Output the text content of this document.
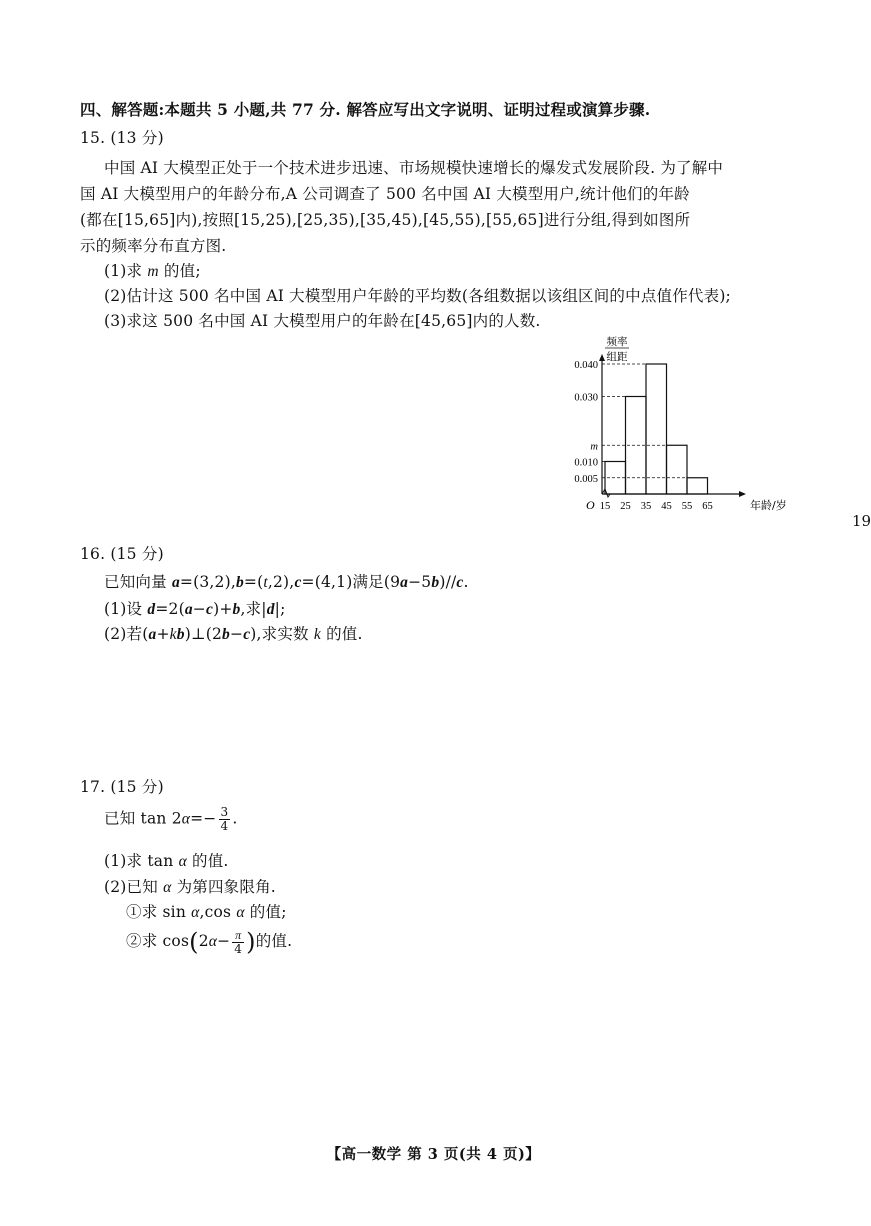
四、解答题:本题共 5 小题,共 77 分. 解答应写出文字说明、证明过程或演算步骤.
15. (13 分)
中国 AI 大模型正处于一个技术进步迅速、市场规模快速增长的爆发式发展阶段. 为了解中
国 AI 大模型用户的年龄分布,A 公司调查了 500 名中国 AI 大模型用户,统计他们的年龄
(都在[15,65]内),按照[15,25),[25,35),[35,45),[45,55),[55,65]进行分组,得到如图所
示的频率分布直方图.
(1)求 m 的值;
(2)估计这 500 名中国 AI 大模型用户年龄的平均数(各组数据以该组区间的中点值作代表);
(3)求这 500 名中国 AI 大模型用户的年龄在[45,65]内的人数.
0.040
0.030
m
0.010
0.005
15 25 35 45 55 65
O	年龄/岁
频率
组距
19
16. (15 分)
已知向量 a=(3,2),b=(t,2),c=(4,1)满足(9a−5b)//c.
(1)设 d=2(a−c)+b,求|d|;
(2)若(a+kb)⊥(2b−c),求实数 k 的值.
17. (15 分)
已知 $\tan 2\alpha=- \frac{3}{4}$ .
(1)求 tan α 的值.
(2)已知 α 为第四象限角.
①求 sin α,cos α 的值;
②求 $\cos(2\alpha- \frac{\pi}{4}$ )的值.
【高一数学 第 3 页(共 4 页)】
